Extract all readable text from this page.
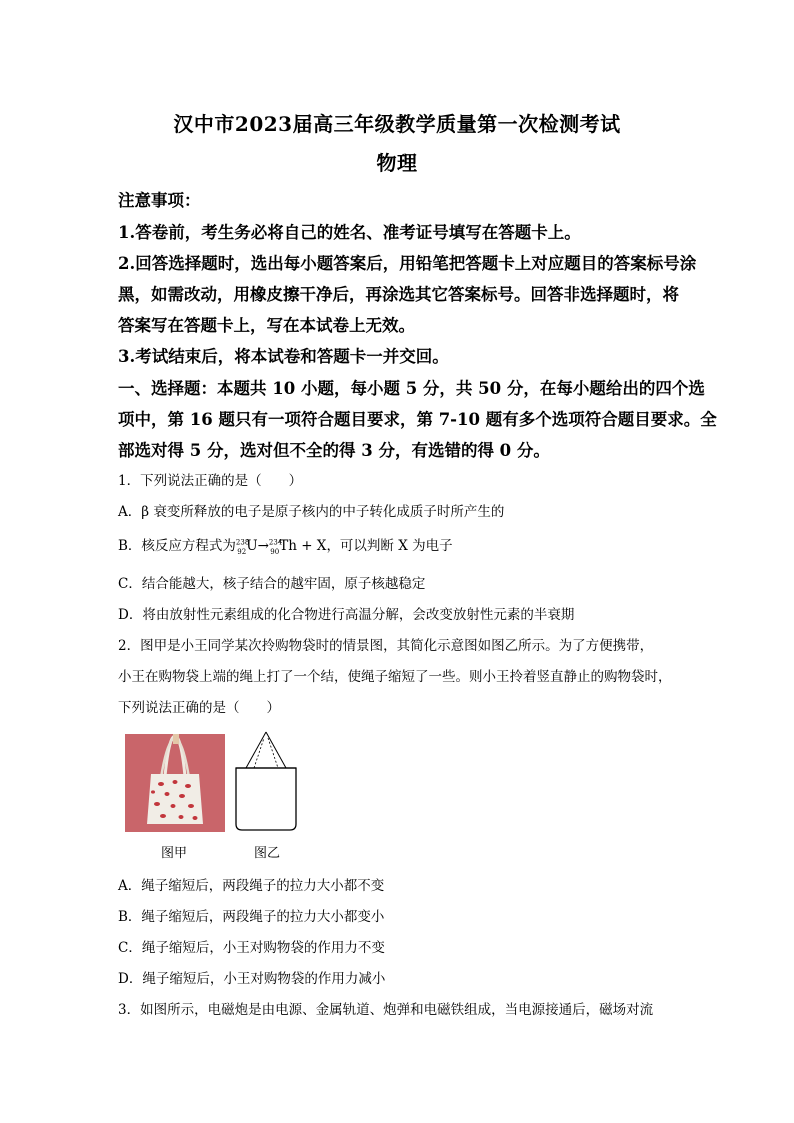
汉中市2023届高三年级教学质量第一次检测考试
物理
注意事项：
1.答卷前，考生务必将自己的姓名、准考证号填写在答题卡上。
2.回答选择题时，选出每小题答案后，用铅笔把答题卡上对应题目的答案标号涂
黑，如需改动，用橡皮擦干净后，再涂选其它答案标号。回答非选择题时，将
答案写在答题卡上，写在本试卷上无效。
3.考试结束后，将本试卷和答题卡一并交回。
一、选择题：本题共 10 小题，每小题 5 分，共 50 分，在每小题给出的四个选
项中，第 16 题只有一项符合题目要求，第 7-10 题有多个选项符合题目要求。全
部选对得 5 分，选对但不全的得 3 分，有选错的得 0 分。
1．下列说法正确的是（　　）
A．β 衰变所释放的电子是原子核内的中子转化成质子时所产生的
B．核反应方程式为$^{238}_{92}$U→$^{234}_{90}$Th + X，可以判断 X 为电子
C．结合能越大，核子结合的越牢固，原子核越稳定
D．将由放射性元素组成的化合物进行高温分解，会改变放射性元素的半衰期
2．图甲是小王同学某次拎购物袋时的情景图，其简化示意图如图乙所示。为了方便携带，
小王在购物袋上端的绳上打了一个结，使绳子缩短了一些。则小王拎着竖直静止的购物袋时，
下列说法正确的是（　　）
图甲	图乙
A．绳子缩短后，两段绳子的拉力大小都不变
B．绳子缩短后，两段绳子的拉力大小都变小
C．绳子缩短后，小王对购物袋的作用力不变
D．绳子缩短后，小王对购物袋的作用力减小
3．如图所示，电磁炮是由电源、金属轨道、炮弹和电磁铁组成，当电源接通后，磁场对流
